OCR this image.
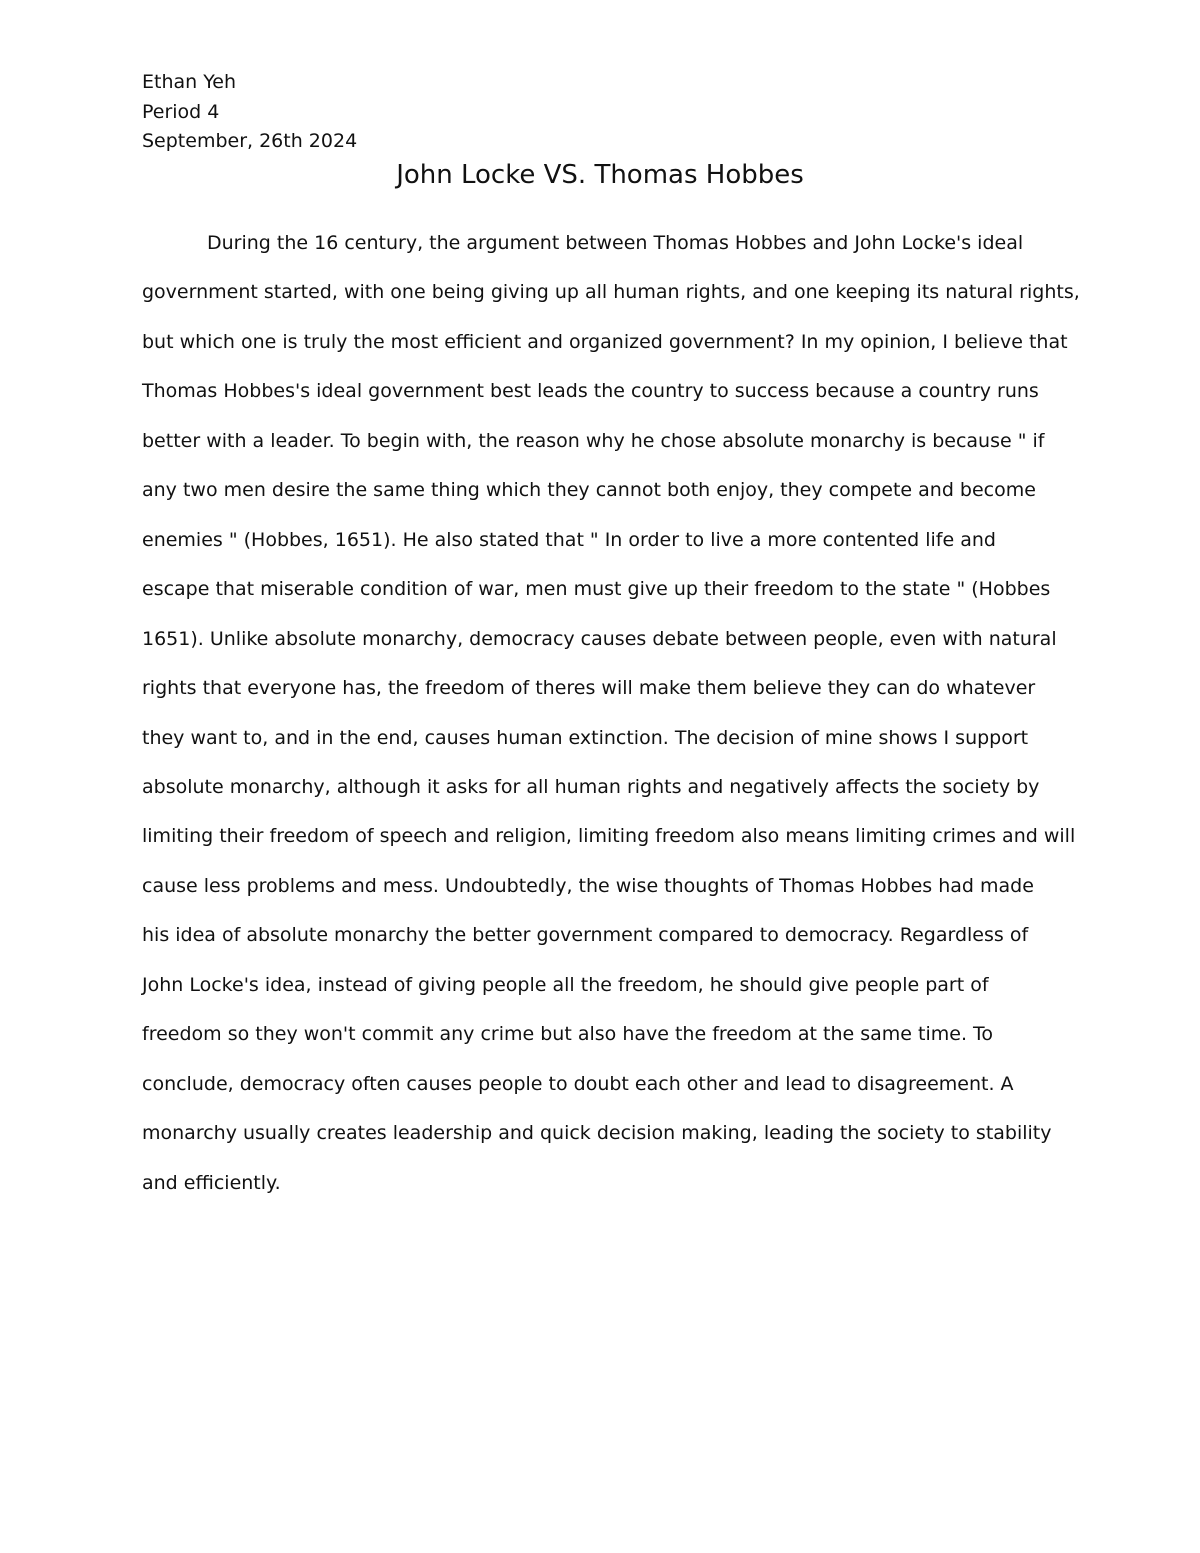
Ethan Yeh
Period 4
September, 26th 2024
John Locke VS. Thomas Hobbes

During the 16 century, the argument between Thomas Hobbes and John Locke's ideal
government started, with one being giving up all human rights, and one keeping its natural rights,
but which one is truly the most efficient and organized government? In my opinion, I believe that
Thomas Hobbes's ideal government best leads the country to success because a country runs
better with a leader. To begin with, the reason why he chose absolute monarchy is because " if
any two men desire the same thing which they cannot both enjoy, they compete and become
enemies " (Hobbes, 1651). He also stated that " In order to live a more contented life and
escape that miserable condition of war, men must give up their freedom to the state " (Hobbes
1651). Unlike absolute monarchy, democracy causes debate between people, even with natural
rights that everyone has, the freedom of theres will make them believe they can do whatever
they want to, and in the end, causes human extinction. The decision of mine shows I support
absolute monarchy, although it asks for all human rights and negatively affects the society by
limiting their freedom of speech and religion, limiting freedom also means limiting crimes and will
cause less problems and mess. Undoubtedly, the wise thoughts of Thomas Hobbes had made
his idea of absolute monarchy the better government compared to democracy. Regardless of
John Locke's idea, instead of giving people all the freedom, he should give people part of
freedom so they won't commit any crime but also have the freedom at the same time. To
conclude, democracy often causes people to doubt each other and lead to disagreement. A
monarchy usually creates leadership and quick decision making, leading the society to stability
and efficiently.
